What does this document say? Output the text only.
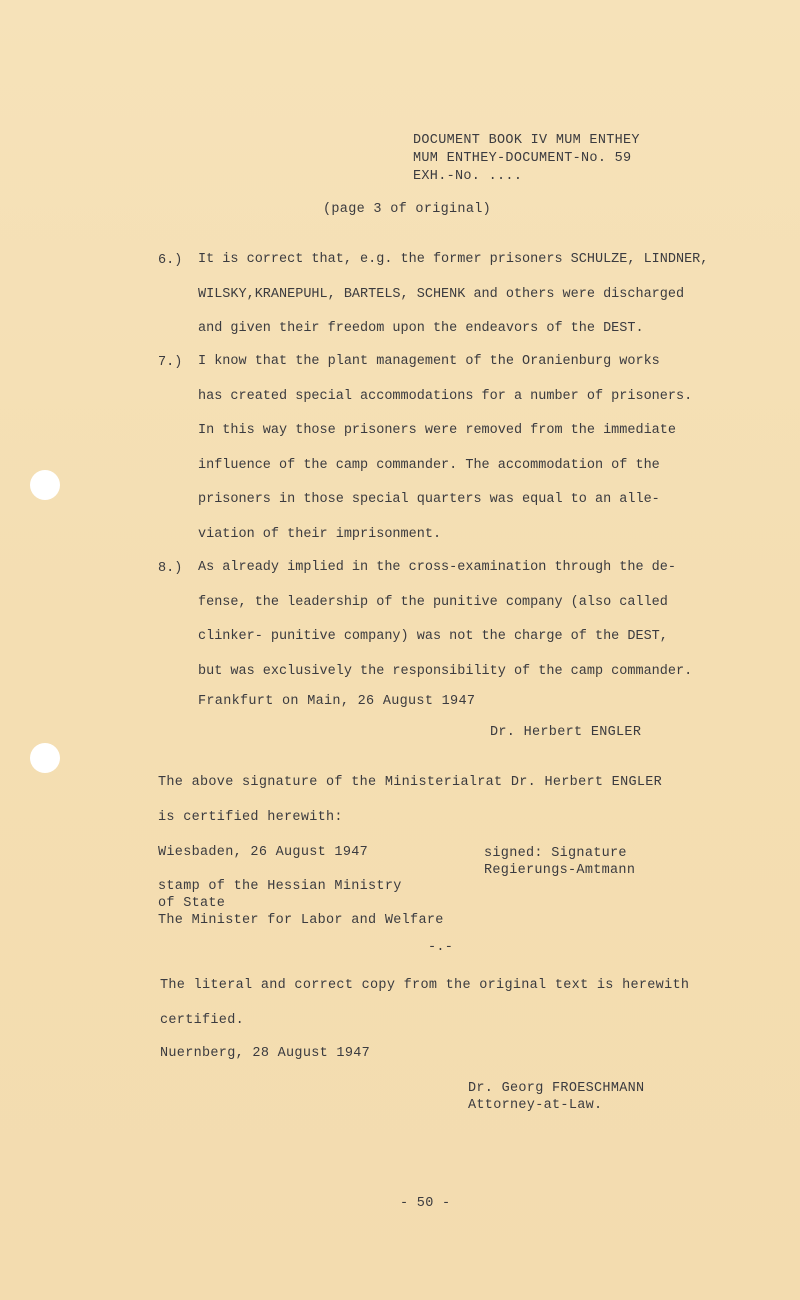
DOCUMENT BOOK IV MUM ENTHEY
MUM ENTHEY-DOCUMENT-No. 59
EXH.-No. ....
(page 3 of original)
6.) It is correct that, e.g. the former prisoners SCHULZE, LINDNER,
WILSKY,KRANEPUHL, BARTELS, SCHENK and others were discharged
and given their freedom upon the endeavors of the DEST.
7.) I know that the plant management of the Oranienburg works
has created special accommodations for a number of prisoners.
In this way those prisoners were removed from the immediate
influence of the camp commander. The accommodation of the
prisoners in those special quarters was equal to an alle-
viation of their imprisonment.
8.) As already implied in the cross-examination through the de-
fense, the leadership of the punitive company (also called
clinker- punitive company) was not the charge of the DEST,
but was exclusively the responsibility of the camp commander.
Frankfurt on Main, 26 August 1947
Dr. Herbert ENGLER
The above signature of the Ministerialrat Dr. Herbert ENGLER
is certified herewith:
Wiesbaden, 26 August 1947	signed: Signature
Regierungs-Amtmann
stamp of the Hessian Ministry
of State
The Minister for Labor and Welfare
-.-
The literal and correct copy from the original text is herewith
certified.
Nuernberg, 28 August 1947
Dr. Georg FROESCHMANN
Attorney-at-Law.
- 50 -
